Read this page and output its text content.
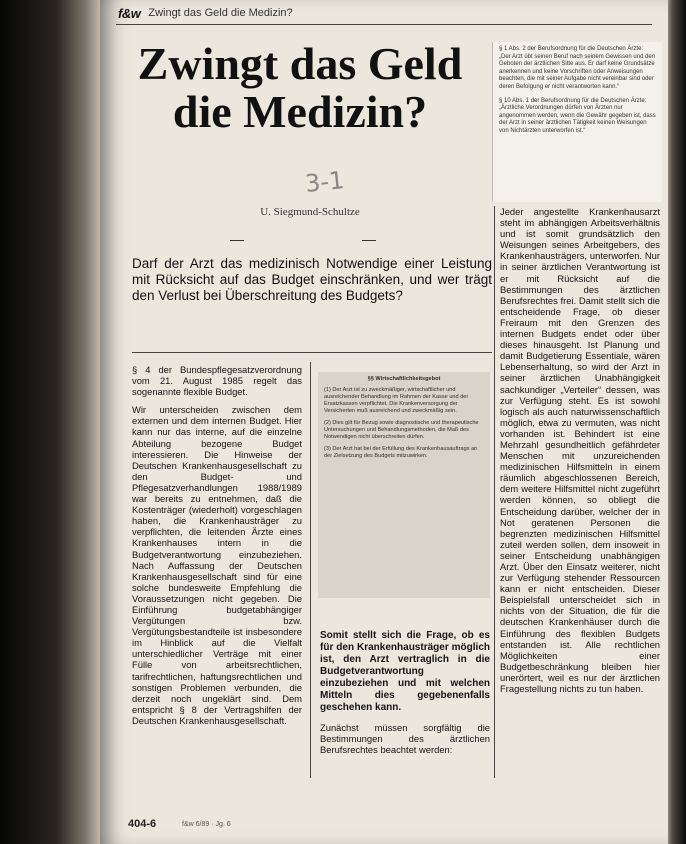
f&w Zwingt das Geld die Medizin?
Zwingt das Geld
die Medizin?
3-1
U. Siegmund-Schultze
Darf der Arzt das medizinisch Notwendige einer Leistung mit Rücksicht auf das Budget einschränken, und wer trägt den Verlust bei Überschreitung des Budgets?

§ 1 Abs. 2 der Berufsordnung für die Deutschen Ärzte: „Der Arzt übt seinen Beruf nach seinem Gewissen und den Geboten der ärztlichen Sitte aus. Er darf keine Grundsätze anerkennen und keine Vorschriften oder Anweisungen beachten, die mit seiner Aufgabe nicht vereinbar sind oder deren Befolgung er nicht verantworten kann.“

§ 10 Abs. 1 der Berufsordnung für die Deutschen Ärzte: „Ärztliche Verordnungen dürfen von Ärzten nur angenommen werden, wenn die Gewähr gegeben ist, dass der Arzt in seiner ärztlichen Tätigkeit keinen Weisungen von Nichtärzten unterworfen ist.“

§ 4 der Bundespflegesatzverordnung vom 21. August 1985 regelt das sogenannte flexible Budget.

Wir unterscheiden zwischen dem externen und dem internen Budget. Hier kann nur das interne, auf die einzelne Abteilung bezogene Budget interessieren. Die Hinweise der Deutschen Krankenhausgesellschaft zu den Budget- und Pflegesatzverhandlungen 1988/1989 war bereits zu entnehmen, daß die Kostenträger (wiederholt) vorgeschlagen haben, die Krankenhausträger zu verpflichten, die leitenden Ärzte eines Krankenhauses intern in die Budgetverantwortung einzubeziehen. Nach Auffassung der Deutschen Krankenhausgesellschaft sind für eine solche bundesweite Empfehlung die Voraussetzungen nicht gegeben. Die Einführung budgetabhängiger Vergütungen bzw. Vergütungsbestandteile ist insbesondere im Hinblick auf die Vielfalt unterschiedlicher Verträge mit einer Fülle von arbeitsrechtlichen, tarifrechtlichen, haftungsrechtlichen und sonstigen Problemen verbunden, die derzeit noch ungeklärt sind. Dem entspricht § 8 der Vertragshilfen der Deutschen Krankenhausgesellschaft.

§§ Wirtschaftlichkeitsgebot

(1) Der Arzt ist zu zweckmäßiger, wirtschaftlicher und ausreichender Behandlung im Rahmen der Kasse und der Ersatzkassen verpflichtet. Die Krankenversorgung der Versicherten muß ausreichend und zweckmäßig sein.

(2) Dies gilt für Bezug sowie diagnostische und therapeutische Untersuchungen und Behandlungsmethoden, die Maß des Notwendigen nicht überschreiten dürfen.

(3) Der Arzt hat bei der Erfüllung des Krankenhausauftrags an der Zielsetzung des Budgets mitzuwirken.

Somit stellt sich die Frage, ob es für den Krankenhausträger möglich ist, den Arzt vertraglich in die Budgetverantwortung einzubeziehen und mit welchen Mitteln dies gegebenenfalls geschehen kann.

Zunächst müssen sorgfältig die Bestimmungen des ärztlichen Berufsrechtes beachtet werden:

Jeder angestellte Krankenhausarzt steht im abhängigen Arbeitsverhältnis und ist somit grundsätzlich den Weisungen seines Arbeitgebers, des Krankenhausträgers, unterworfen. Nur in seiner ärztlichen Verantwortung ist er mit Rücksicht auf die Bestimmungen des ärztlichen Berufsrechtes frei. Damit stellt sich die entscheidende Frage, ob dieser Freiraum mit den Grenzen des internen Budgets endet oder über dieses hinausgeht. Ist Planung und damit Budgetierung Essentiale, wären Lebenserhaltung, so wird der Arzt in seiner ärztlichen Unabhängigkeit sachkundiger „Verteiler“ dessen, was zur Verfügung steht. Es ist sowohl logisch als auch naturwissenschaftlich möglich, etwa zu vermuten, was nicht vorhanden ist. Behindert ist eine Mehrzahl gesundheitlich gefährdeter Menschen mit unzureichenden medizinischen Hilfsmitteln in einem räumlich abgeschlossenen Bereich, dem weitere Hilfsmittel nicht zugeführt werden können, so obliegt die Entscheidung darüber, welcher der in Not geratenen Personen die begrenzten medizinischen Hilfsmittel zuteil werden sollen, dem insoweit in seiner Entscheidung unabhängigen Arzt. Über den Einsatz weiterer, nicht zur Verfügung stehender Ressourcen kann er nicht entscheiden. Dieser Beispielsfall unterscheidet sich in nichts von der Situation, die für die deutschen Krankenhäuser durch die Einführung des flexiblen Budgets entstanden ist. Alle rechtlichen Möglichkeiten einer Budgetbeschränkung bleiben hier unerörtert, weil es nur der ärztlichen Fragestellung nichts zu tun haben.

404-6	f&w 6/89 · Jg. 6
